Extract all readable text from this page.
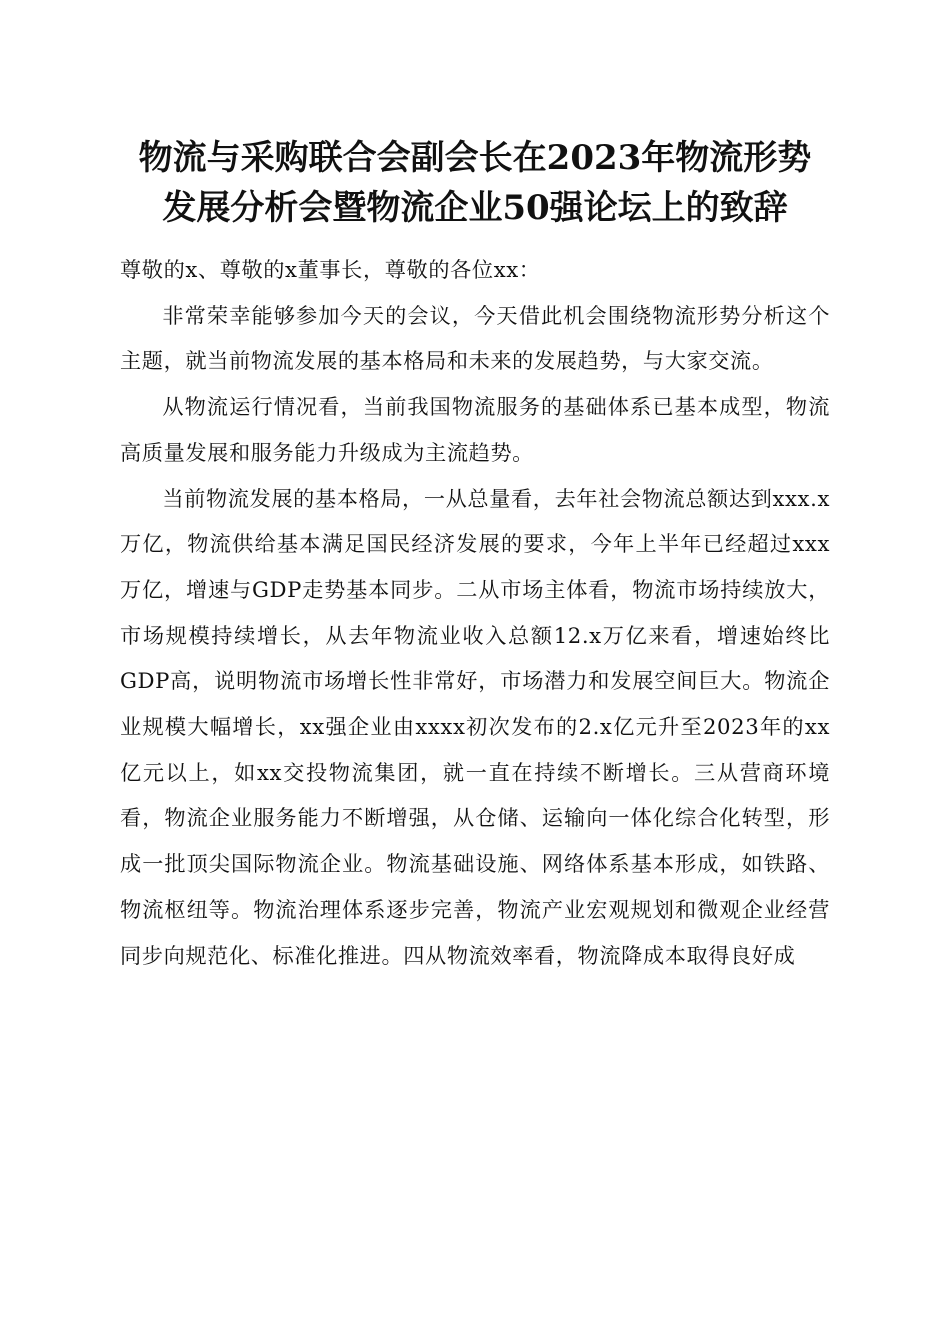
物流与采购联合会副会长在2023年物流形势
发展分析会暨物流企业50强论坛上的致辞

尊敬的x、尊敬的x董事长，尊敬的各位xx：

非常荣幸能够参加今天的会议，今天借此机会围绕物流形势分析这个主题，就当前物流发展的基本格局和未来的发展趋势，与大家交流。

从物流运行情况看，当前我国物流服务的基础体系已基本成型，物流高质量发展和服务能力升级成为主流趋势。

当前物流发展的基本格局，一从总量看，去年社会物流总额达到xxx.x万亿，物流供给基本满足国民经济发展的要求，今年上半年已经超过xxx万亿，增速与GDP走势基本同步。二从市场主体看，物流市场持续放大，市场规模持续增长，从去年物流业收入总额12.x万亿来看，增速始终比GDP高，说明物流市场增长性非常好，市场潜力和发展空间巨大。物流企业规模大幅增长，xx强企业由xxxx初次发布的2.x亿元升至2023年的xx亿元以上，如xx交投物流集团，就一直在持续不断增长。三从营商环境看，物流企业服务能力不断增强，从仓储、运输向一体化综合化转型，形成一批顶尖国际物流企业。物流基础设施、网络体系基本形成，如铁路、物流枢纽等。物流治理体系逐步完善，物流产业宏观规划和微观企业经营同步向规范化、标准化推进。四从物流效率看，物流降成本取得良好成
